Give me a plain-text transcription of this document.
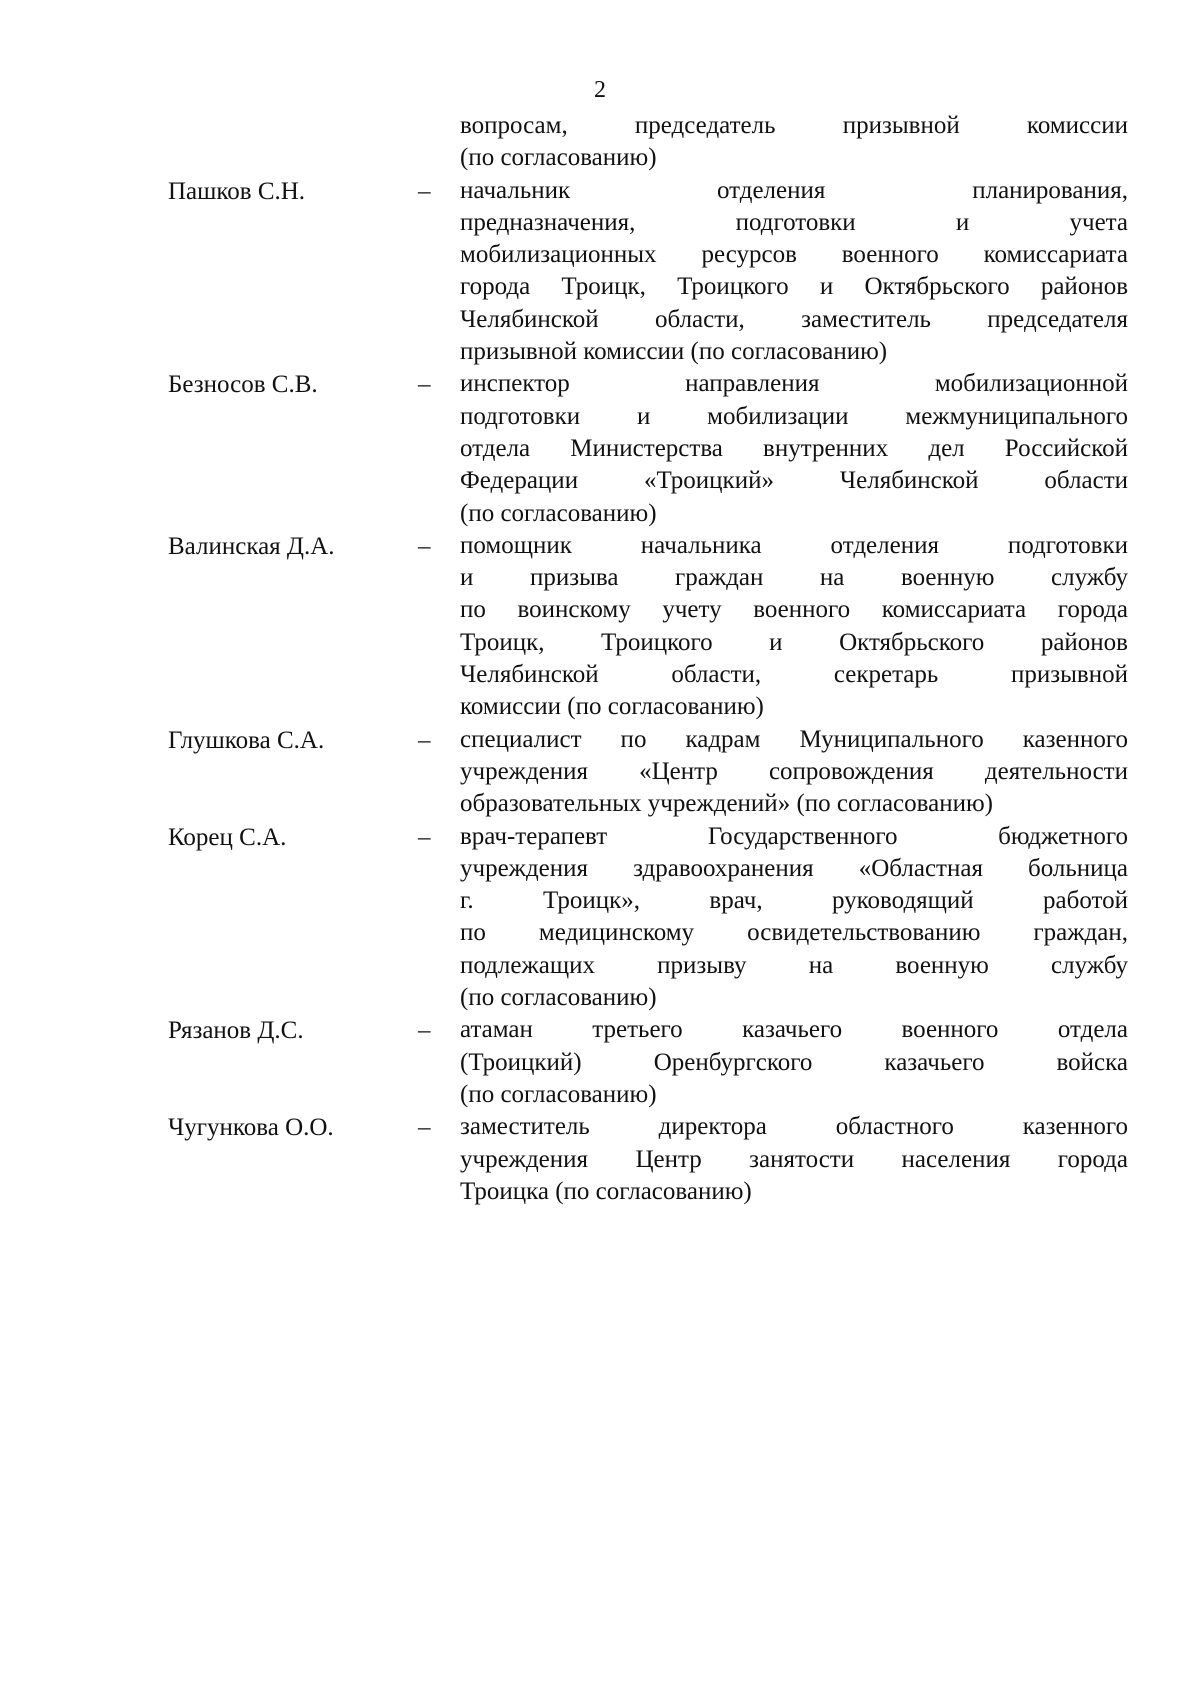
2
вопросам, председатель призывной комиссии
(по согласованию)
Пашков С.Н.	–	начальник отделения планирования,
предназначения, подготовки и учета
мобилизационных ресурсов военного комиссариата
города Троицк, Троицкого и Октябрьского районов
Челябинской области, заместитель председателя
призывной комиссии (по согласованию)
Безносов С.В.	–	инспектор направления мобилизационной
подготовки и мобилизации межмуниципального
отдела Министерства внутренних дел Российской
Федерации «Троицкий» Челябинской области
(по согласованию)
Валинская Д.А.	–	помощник начальника отделения подготовки
и призыва граждан на военную службу
по воинскому учету военного комиссариата города
Троицк, Троицкого и Октябрьского районов
Челябинской области, секретарь призывной
комиссии (по согласованию)
Глушкова С.А.	–	специалист по кадрам Муниципального казенного
учреждения «Центр сопровождения деятельности
образовательных учреждений» (по согласованию)
Корец С.А.	–	врач-терапевт Государственного бюджетного
учреждения здравоохранения «Областная больница
г. Троицк», врач, руководящий работой
по медицинскому освидетельствованию граждан,
подлежащих призыву на военную службу
(по согласованию)
Рязанов Д.С.	–	атаман третьего казачьего военного отдела
(Троицкий) Оренбургского казачьего войска
(по согласованию)
Чугункова О.О.	–	заместитель директора областного казенного
учреждения Центр занятости населения города
Троицка (по согласованию)
